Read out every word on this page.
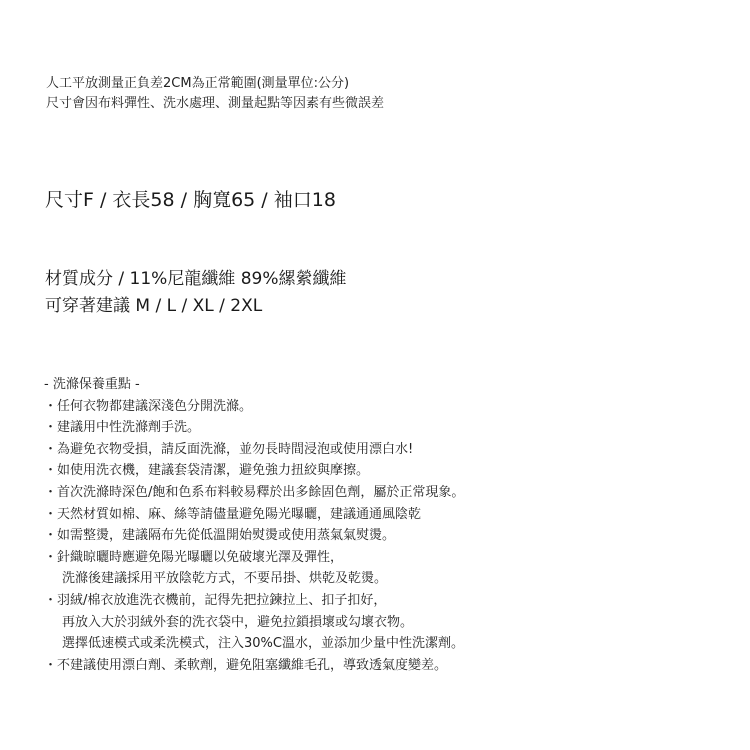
人工平放測量正負差2CM為正常範圍(測量單位:公分)
尺寸會因布料彈性、洗水處理、測量起點等因素有些微誤差
尺寸F / 衣長58 / 胸寬65 / 袖口18
材質成分 / 11%尼龍纖維 89%縲縈纖維
可穿著建議 M / L / XL / 2XL
- 洗滌保養重點 -
・任何衣物都建議深淺色分開洗滌。
・建議用中性洗滌劑手洗。
・為避免衣物受損，請反面洗滌，並勿長時間浸泡或使用漂白水!
・如使用洗衣機，建議套袋清潔，避免強力扭絞與摩擦。
・首次洗滌時深色/飽和色系布料較易釋於出多餘固色劑，屬於正常現象。
・天然材質如棉、麻、絲等請儘量避免陽光曝曬，建議通通風陰乾
・如需整燙，建議隔布先從低溫開始熨燙或使用蒸氣氣熨燙。
・針織晾曬時應避免陽光曝曬以免破壞光澤及彈性，
洗滌後建議採用平放陰乾方式，不要吊掛、烘乾及乾燙。
・羽絨/棉衣放進洗衣機前，記得先把拉鍊拉上、扣子扣好，
再放入大於羽絨外套的洗衣袋中，避免拉鎖損壞或勾壞衣物。
選擇低速模式或柔洗模式，注入30%C溫水，並添加少量中性洗潔劑。
・不建議使用漂白劑、柔軟劑，避免阻塞纖維毛孔，導致透氣度變差。
